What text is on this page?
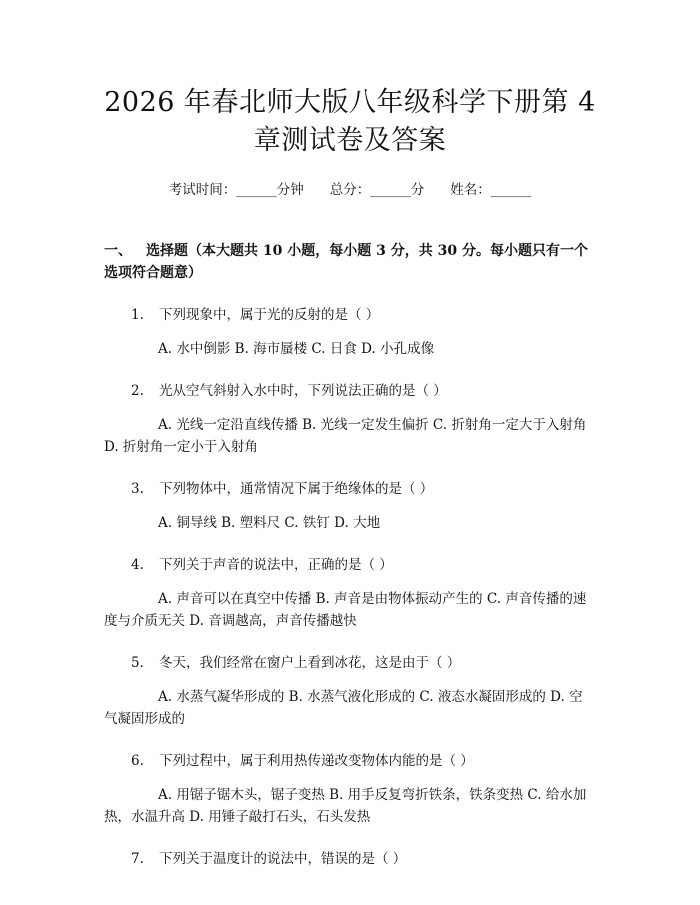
2026 年春北师大版八年级科学下册第 4 章测试卷及答案
考试时间：______分钟 总分：______分 姓名：______
一、 选择题（本大题共 10 小题，每小题 3 分，共 30 分。每小题只有一个选项符合题意）
1. 下列现象中，属于光的反射的是（ ）
A. 水中倒影 B. 海市蜃楼 C. 日食 D. 小孔成像
2. 光从空气斜射入水中时，下列说法正确的是（ ）
A. 光线一定沿直线传播 B. 光线一定发生偏折 C. 折射角一定大于入射角 D. 折射角一定小于入射角
3. 下列物体中，通常情况下属于绝缘体的是（ ）
A. 铜导线 B. 塑料尺 C. 铁钉 D. 大地
4. 下列关于声音的说法中，正确的是（ ）
A. 声音可以在真空中传播 B. 声音是由物体振动产生的 C. 声音传播的速度与介质无关 D. 音调越高，声音传播越快
5. 冬天，我们经常在窗户上看到冰花，这是由于（ ）
A. 水蒸气凝华形成的 B. 水蒸气液化形成的 C. 液态水凝固形成的 D. 空气凝固形成的
6. 下列过程中，属于利用热传递改变物体内能的是（ ）
A. 用锯子锯木头，锯子变热 B. 用手反复弯折铁条，铁条变热 C. 给水加热，水温升高 D. 用锤子敲打石头，石头发热
7. 下列关于温度计的说法中，错误的是（ ）
